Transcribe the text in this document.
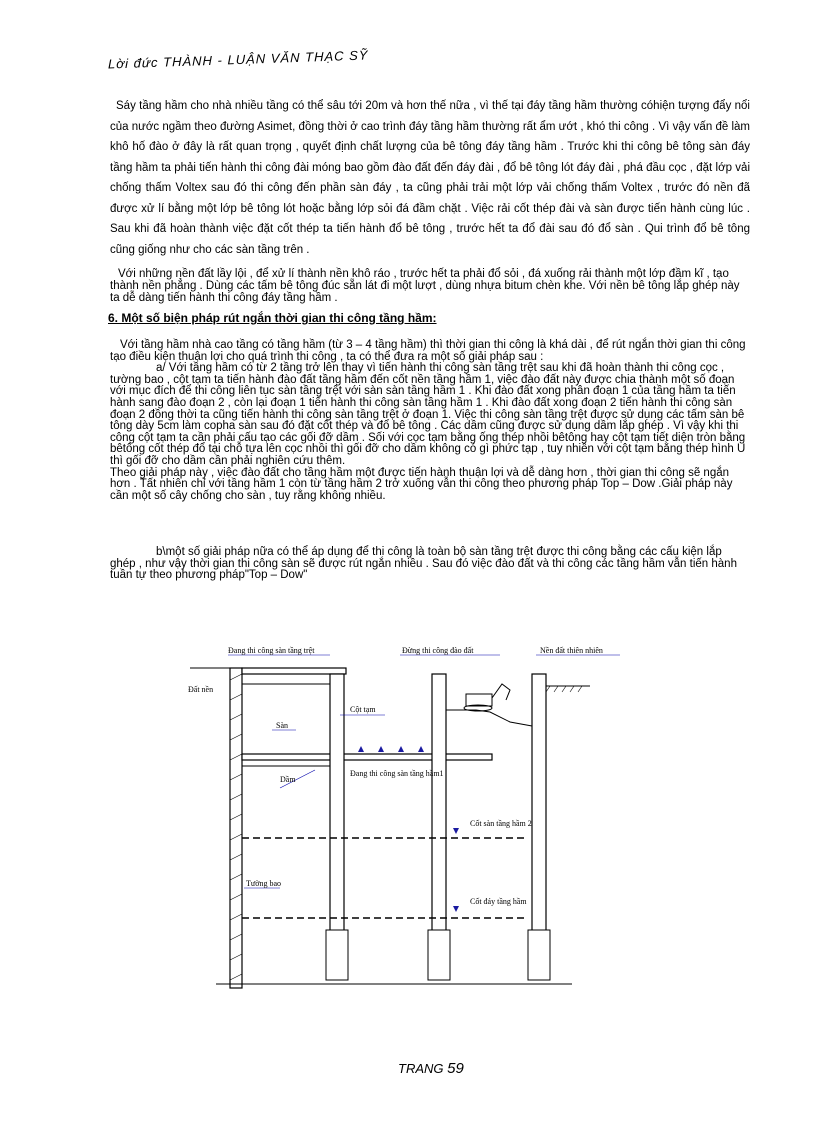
Lời đức THÀNH - LUẬN VĂN THẠC SỸ

Sáy tầng hầm cho nhà nhiều tầng có thể sâu tới 20m và hơn thế nữa , vì thế tại đáy tầng hầm thường cóhiện tượng đẩy nổi của nước ngầm theo đường Asimet, đồng thời ở cao trình đáy tầng hầm thường rất ẩm ướt , khó thi công . Vì vậy vấn đề làm khô hố đào ở đây là rất quan trọng , quyết định chất lượng của bê tông đáy tầng hầm . Trước khi thi công bê tông sàn đáy tầng hầm ta phải tiến hành thi công đài móng bao gồm đào đất đến đáy đài , đổ bê tông lót đáy đài , phá đầu cọc , đặt lớp vải chống thấm Voltex sau đó thi công đến phần sàn đáy , ta cũng phải trải một lớp vải chống thấm Voltex , trước đó nền đã được xử lí bằng một lớp bê tông lót hoặc bằng lớp sỏi đá đầm chặt . Việc rải cốt thép đài và sàn được tiến hành cùng lúc . Sau khi đã hoàn thành việc đặt cốt thép ta tiến hành đổ bê tông , trước hết ta đổ đài sau đó đổ sàn . Qui trình đổ bê tông cũng giống như cho các sàn tầng trên .

Với những nền đất lầy lội , để xử lí thành nền khô ráo , trước hết ta phải đổ sỏi , đá xuống rải thành một lớp đầm kĩ , tạo thành nền phẳng . Dùng các tấm bê tông đúc sẵn lát đi một lượt , dùng nhựa bitum chèn khe. Với nền bê tông lắp ghép này ta dễ dàng tiến hành thi công đáy tầng hầm .

6. Một số biện pháp rút ngắn thời gian thi công tầng hầm:
Với tầng hầm nhà cao tầng có tầng hầm (từ 3 – 4 tầng hầm) thì thời gian thi công là khá dài , để rút ngắn thời gian thi công tạo điều kiện thuận lợi cho quá trình thi công , ta có thể đưa ra một số giải pháp sau :
a/ Với tầng hầm có từ 2 tầng trở lên thay vì tiến hành thi công sàn tầng trệt sau khi đã hoàn thành thi công cọc , tường bao , cột tạm ta tiến hành đào đất tầng hầm đến cốt nền tầng hầm 1, việc đào đất này được chia thành một số đoạn với mục đích để thi công liên tục sàn tầng trệt với sàn sàn tầng hầm 1 . Khi đào đất xong phân đoạn 1 của tầng hầm ta tiến hành sang đào đoạn 2 , còn lại đoạn 1 tiến hành thi công sàn tầng hầm 1 . Khi đào đất xong đoạn 2 tiến hành thi công sàn đoạn 2 đồng thời ta cũng tiến hành thi công sàn tầng trệt ở đoạn 1. Việc thi công sàn tầng trệt được sử dụng các tấm sàn bê tông dày 5cm làm copha sàn sau đó đặt cốt thép và đổ bê tông . Các dầm cũng được sử dụng dầm lắp ghép . Vì vậy khi thi công cột tạm ta cần phải cấu tạo các gối đỡ dầm . Sối với cọc tạm bằng ống thép nhồi bêtông hay cột tạm tiết diện tròn bằng bêtông cốt thép đổ tại chỗ tựa lên cọc nhồi thì gối đỡ cho dầm không có gì phức tạp , tuy nhiên với cột tạm bằng thép hình U thì gối đỡ cho dầm cần phải nghiên cứu thêm.
Theo giải pháp này , việc đào đất cho tầng hầm một được tiến hành thuận lợi và dễ dàng hơn , thời gian thi công sẽ ngắn hơn . Tất nhiên chỉ với tầng hầm 1 còn từ tầng hầm 2 trở xuống vẫn thi công theo phương pháp Top – Dow .Giải pháp này cần một số cây chống cho sàn , tuy rằng không nhiều.
b\một số giải pháp nữa có thể áp dụng để thi công là toàn bộ sàn tầng trệt được thi công bằng các cấu kiện lắp ghép , như vậy thời gian thi công sàn sẽ được rút ngắn nhiều . Sau đó việc đào đất và thi công các tầng hầm vẫn tiến hành tuần tự theo phương pháp"Top – Dow"
Đang thi công sàn tầng trệt
Đất nền
Sàn
Dầm
Cột tạm
Đang thi công sàn tầng hầm1
Đừng thi công đào đất	Nền đất thiên nhiên
Cốt sàn tầng hầm 2
Tường bao
Cốt đáy tầng hầm
TRANG 59
